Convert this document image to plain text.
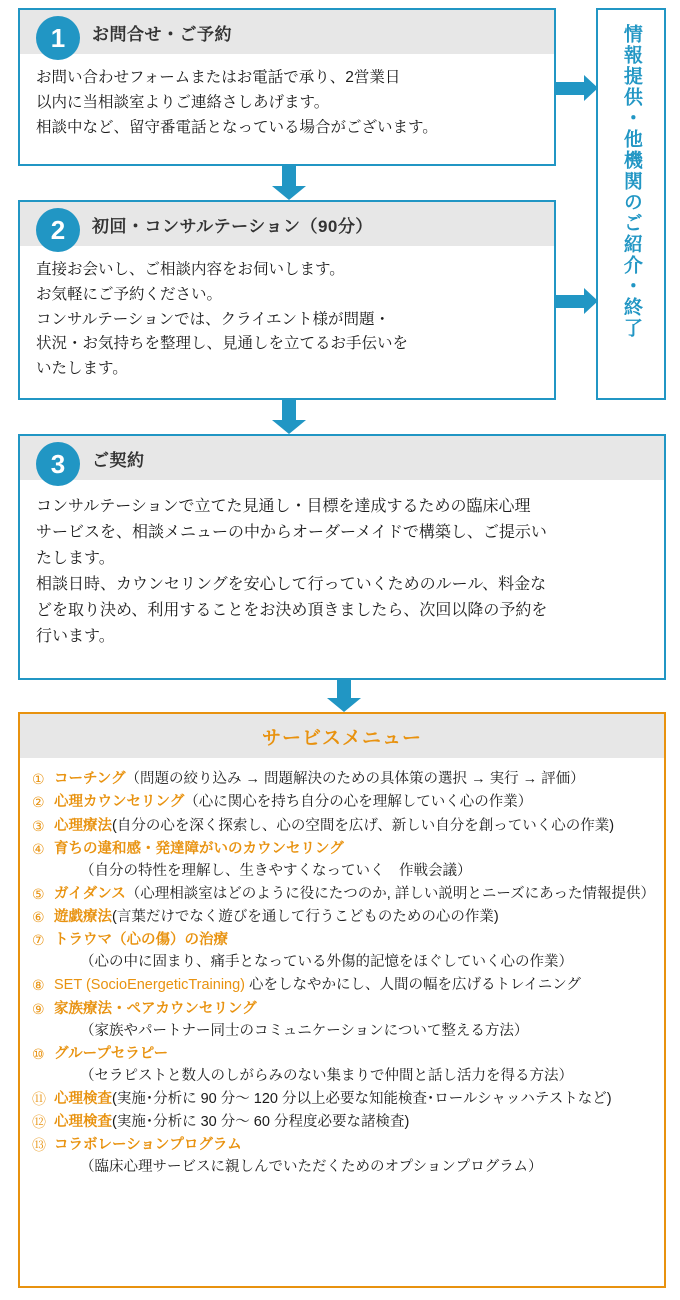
お問合せ・ご予約
1
お問い合わせフォームまたはお電話で承り、2営業日
以内に当相談室よりご連絡さしあげます。
相談中など、留守番電話となっている場合がございます。
初回・コンサルテーション（90分）
2
直接お会いし、ご相談内容をお伺いします。
お気軽にご予約ください。
コンサルテーションでは、クライエント様が問題・
状況・お気持ちを整理し、見通しを立てるお手伝いを
いたします。
情報提供・他機関のご紹介・終了
ご契約
3
コンサルテーションで立てた見通し・目標を達成するための臨床心理
サービスを、相談メニューの中からオーダーメイドで構築し、ご提示い
たします。
相談日時、カウンセリングを安心して行っていくためのルール、料金な
どを取り決め、利用することをお決め頂きましたら、次回以降の予約を
行います。
サービスメニュー
① コーチング（問題の絞り込み → 問題解決のための具体策の選択 → 実行 → 評価）
② 心理カウンセリング（心に関心を持ち自分の心を理解していく心の作業）
③ 心理療法(自分の心を深く探索し、心の空間を広げ、新しい自分を創っていく心の作業)
④ 育ちの違和感・発達障がいのカウンセリング
（自分の特性を理解し、生きやすくなっていく　作戦会議）
⑤ ガイダンス（心理相談室はどのように役にたつのか, 詳しい説明とニーズにあった情報提供）
⑥ 遊戯療法(言葉だけでなく遊びを通して行うこどものための心の作業)
⑦ トラウマ（心の傷）の治療
（心の中に固まり、痛手となっている外傷的記憶をほぐしていく心の作業）
⑧ SET (SocioEnergeticTraining) 心をしなやかにし、人間の幅を広げるトレイニング
⑨ 家族療法・ペアカウンセリング
（家族やパートナー同士のコミュニケーションについて整える方法）
⑩ グループセラピー
（セラピストと数人のしがらみのない集まりで仲間と話し活力を得る方法）
⑪ 心理検査(実施･分析に 90 分～ 120 分以上必要な知能検査･ロールシャッハテストなど)
⑫ 心理検査(実施･分析に 30 分～ 60 分程度必要な諸検査)
⑬ コラボレーションプログラム
（臨床心理サービスに親しんでいただくためのオプションプログラム）
